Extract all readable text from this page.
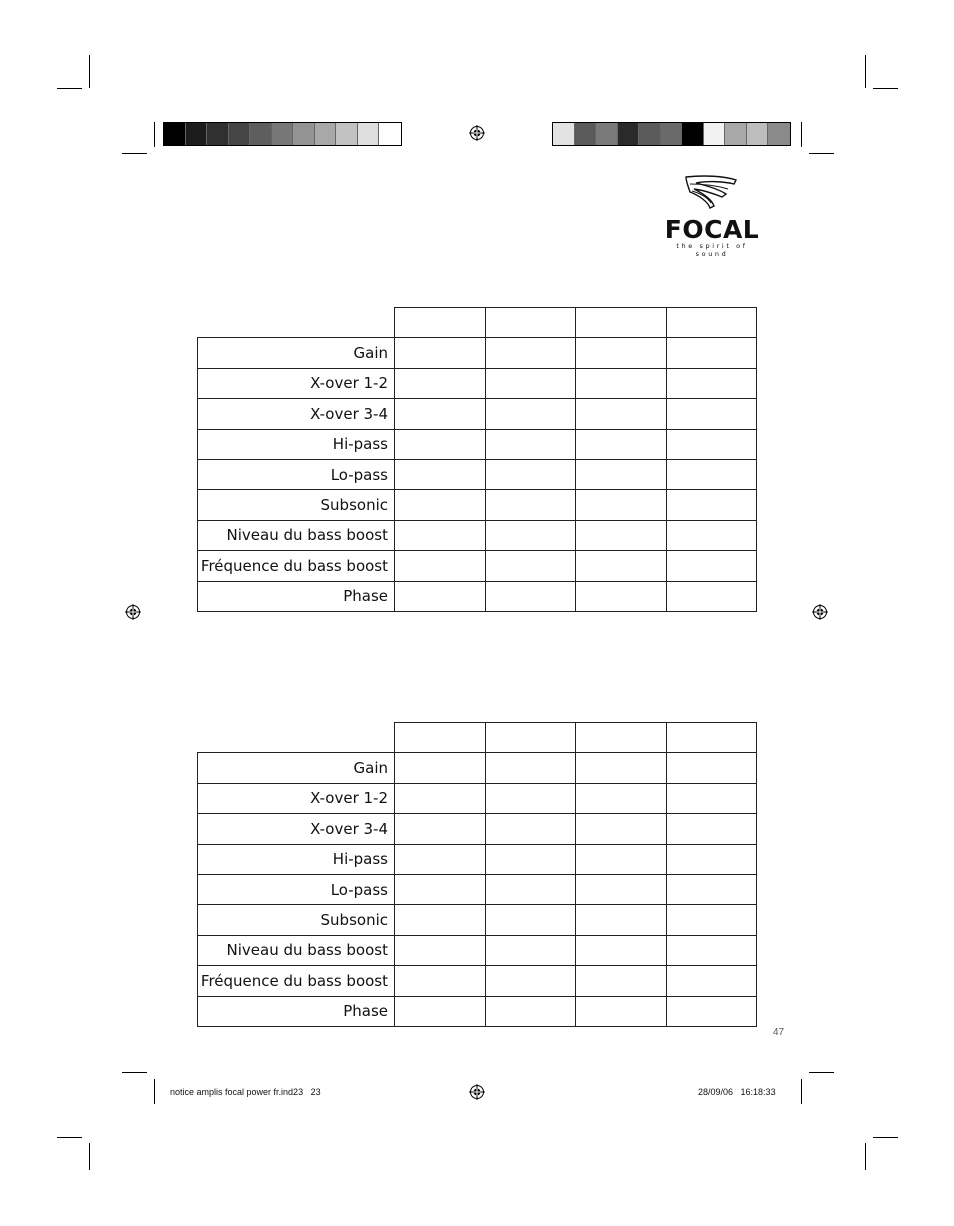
FOCAL
the spirit of sound

Gain				
X-over 1-2				
X-over 3-4				
Hi-pass				
Lo-pass				
Subsonic				
Niveau du bass boost				
Fréquence du bass boost				
Phase				

Gain				
X-over 1-2				
X-over 3-4				
Hi-pass				
Lo-pass				
Subsonic				
Niveau du bass boost				
Fréquence du bass boost				
Phase				
47
notice amplis focal power fr.ind23   23	28/09/06   16:18:33
